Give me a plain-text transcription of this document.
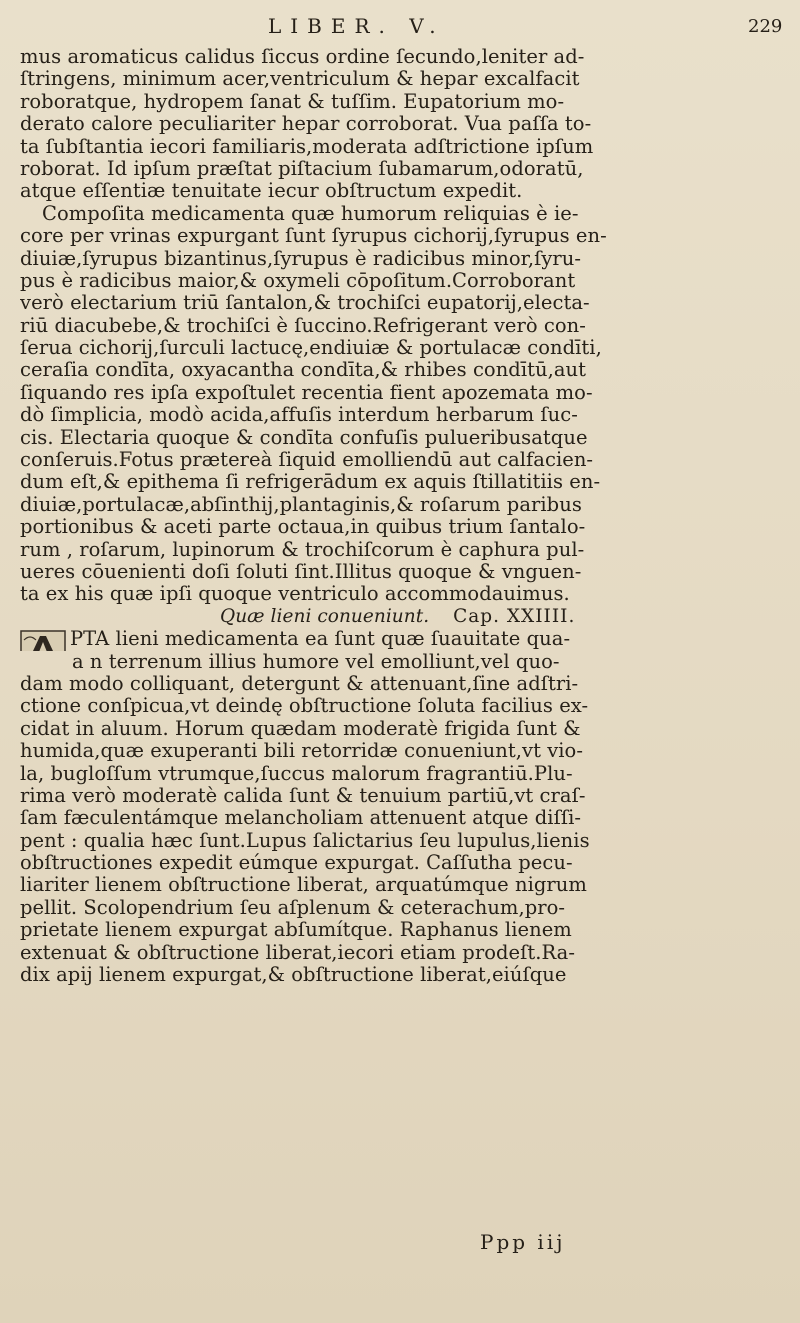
LIBER. V.	229
mus aromaticus calidus ſiccus ordine ſecundo,leniter ad-
ſtringens, minimum acer,ventriculum & hepar excalfacit
roboratque, hydropem ſanat & tuſſim. Eupatorium mo-
derato calore peculiariter hepar corroborat. Vua paſſa to-
ta ſubſtantia iecori familiaris,moderata adſtrictione ipſum
roborat. Id ipſum præſtat piſtacium ſubamarum,odoratū,
atque eſſentiæ tenuitate iecur obſtructum expedit.
Compoſita medicamenta quæ humorum reliquias è ie-
core per vrinas expurgant ſunt ſyrupus cichorij,ſyrupus en-
diuiæ,ſyrupus bizantinus,ſyrupus è radicibus minor,ſyru-
pus è radicibus maior,& oxymeli cōpoſitum.Corroborant
verò electarium triū ſantalon,& trochiſci eupatorij,electa-
riū diacubebe,& trochiſci è ſuccino.Refrigerant verò con-
ſerua cichorij,ſurculi lactucę,endiuiæ & portulacæ condīti,
ceraſia condīta, oxyacantha condīta,& rhibes condītū,aut
ſiquando res ipſa expoſtulet recentia fient apozemata mo-
dò ſimplicia, modò acida,affuſis interdum herbarum ſuc-
cis. Electaria quoque & condīta confuſis pulueribusatque
conſeruis.Fotus prætereà ſiquid emolliendū aut calfacien-
dum eſt,& epithema ſi refrigerādum ex aquis ſtillatitiis en-
diuiæ,portulacæ,abſinthij,plantaginis,& roſarum paribus
portionibus & aceti parte octaua,in quibus trium ſantalo-
rum , roſarum, lupinorum & trochiſcorum è caphura pul-
ueres cōuenienti doſi ſoluti ſint.Illitus quoque & vnguen-
ta ex his quæ ipſi quoque ventriculo accommodauimus.
Quæ lieni conueniunt. Cap. XXIIII.
PTA lieni medicamenta ea ſunt quæ ſuauitate qua-
a n terrenum illius humore vel emolliunt,vel quo-
dam modo colliquant, detergunt & attenuant,ſine adſtri-
ctione conſpicua,vt deindę obſtructione ſoluta facilius ex-
cidat in aluum. Horum quædam moderatè frigida ſunt &
humida,quæ exuperanti bili retorridæ conueniunt,vt vio-
la, bugloſſum vtrumque,ſuccus malorum fragrantiū.Plu-
rima verò moderatè calida ſunt & tenuium partiū,vt craſ-
ſam fæculentámque melancholiam attenuent atque diſſi-
pent : qualia hæc ſunt.Lupus ſalictarius ſeu lupulus,lienis
obſtructiones expedit eúmque expurgat. Caſſutha pecu-
liariter lienem obſtructione liberat, arquatúmque nigrum
pellit. Scolopendrium ſeu aſplenum & ceterachum,pro-
prietate lienem expurgat abſumítque. Raphanus lienem
extenuat & obſtructione liberat,iecori etiam prodeſt.Ra-
dix apij lienem expurgat,& obſtructione liberat,eiúſque
Ppp iij
